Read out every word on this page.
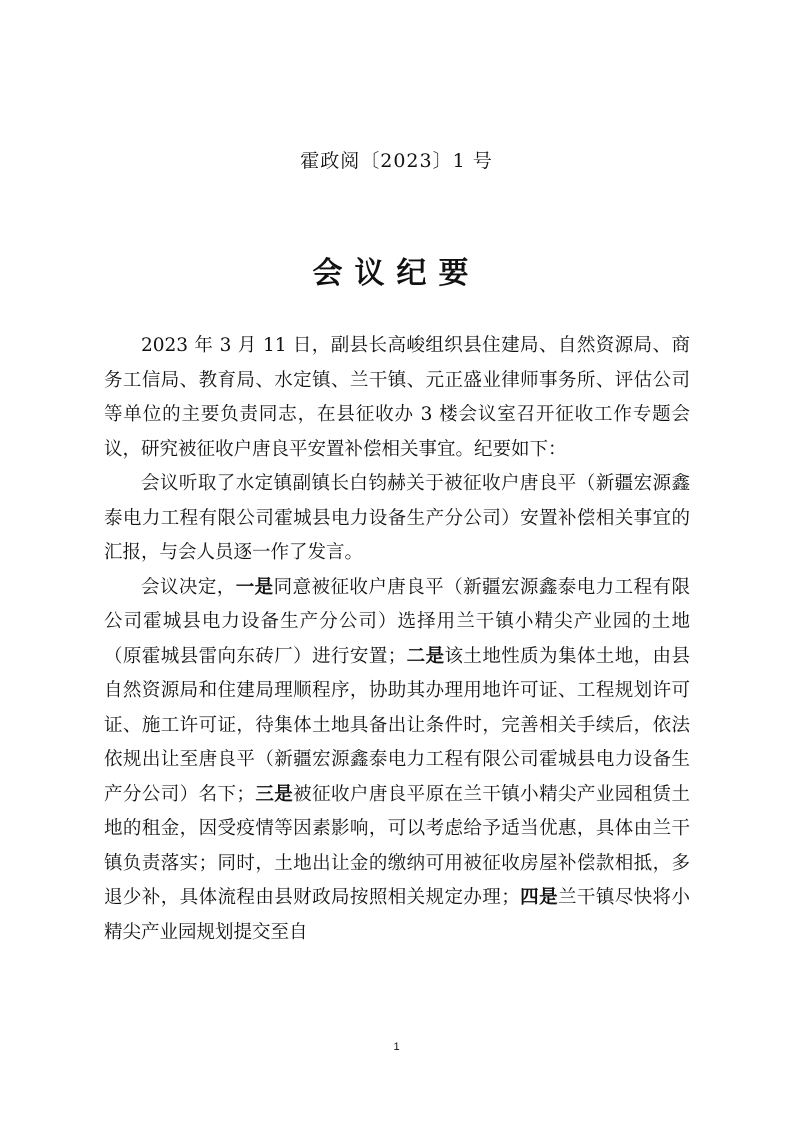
霍政阅〔2023〕1 号
会议纪要

2023 年 3 月 11 日，副县长高峻组织县住建局、自然资源局、商务工信局、教育局、水定镇、兰干镇、元正盛业律师事务所、评估公司等单位的主要负责同志，在县征收办 3 楼会议室召开征收工作专题会议，研究被征收户唐良平安置补偿相关事宜。纪要如下：

会议听取了水定镇副镇长白钧赫关于被征收户唐良平（新疆宏源鑫泰电力工程有限公司霍城县电力设备生产分公司）安置补偿相关事宜的汇报，与会人员逐一作了发言。

会议决定，一是同意被征收户唐良平（新疆宏源鑫泰电力工程有限公司霍城县电力设备生产分公司）选择用兰干镇小精尖产业园的土地（原霍城县雷向东砖厂）进行安置；二是该土地性质为集体土地，由县自然资源局和住建局理顺程序，协助其办理用地许可证、工程规划许可证、施工许可证，待集体土地具备出让条件时，完善相关手续后，依法依规出让至唐良平（新疆宏源鑫泰电力工程有限公司霍城县电力设备生产分公司）名下；三是被征收户唐良平原在兰干镇小精尖产业园租赁土地的租金，因受疫情等因素影响，可以考虑给予适当优惠，具体由兰干镇负责落实；同时，土地出让金的缴纳可用被征收房屋补偿款相抵，多退少补，具体流程由县财政局按照相关规定办理；四是兰干镇尽快将小精尖产业园规划提交至自

1
